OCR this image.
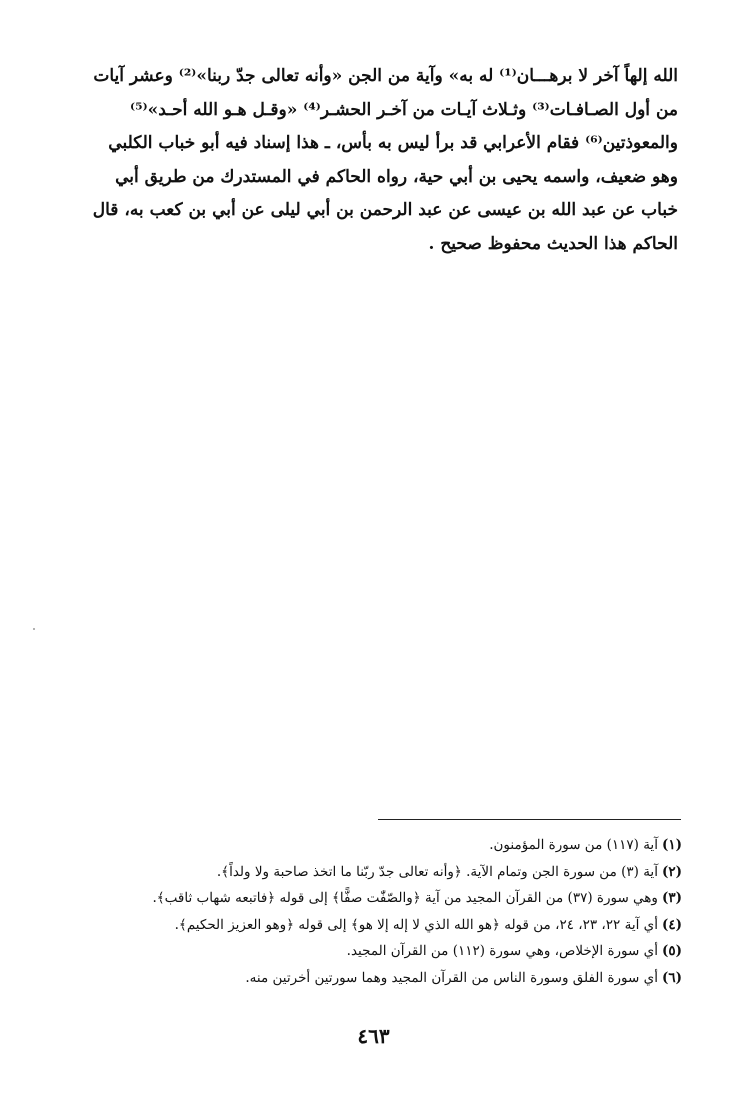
الله إلهاً آخر لا برهـــان⁽¹⁾ له به» وآية من الجن «وأنه تعالى جدّ ربنا»⁽²⁾ وعشر آيات
من أول الصـافـات⁽³⁾ وثـلاث آيـات من آخـر الحشـر⁽⁴⁾ «وقـل هـو الله أحـد»⁽⁵⁾
والمعوذتين⁽⁶⁾ فقام الأعرابي قد برأ ليس به بأس، ـ هذا إسناد فيه أبو خباب الكلبي
وهو ضعيف، واسمه يحيى بن أبي حية، رواه الحاكم في المستدرك من طريق أبي
خباب عن عبد الله بن عيسى عن عبد الرحمن بن أبي ليلى عن أبي بن كعب به، قال
الحاكم هذا الحديث محفوظ صحيح .
(١)آية (١١٧) من سورة المؤمنون.
(٢)آية (٣) من سورة الجن وتمام الآية. ﴿وأنه تعالى جدّ ربّنا ما اتخذ صاحبة ولا ولداً﴾.
(٣)وهي سورة (٣٧) من القرآن المجيد من آية ﴿والصّفّٰت صفًّا﴾ إلى قوله ﴿فاتبعه شهاب ثاقب﴾.
(٤)أي آية ٢٢، ٢٣، ٢٤، من قوله ﴿هو الله الذي لا إله إلا هو﴾ إلى قوله ﴿وهو العزيز الحكيم﴾.
(٥)أي سورة الإخلاص، وهي سورة (١١٢) من القرآن المجيد.
(٦)أي سورة الفلق وسورة الناس من القرآن المجيد وهما سورتين أخرتين منه.
٤٦٣
